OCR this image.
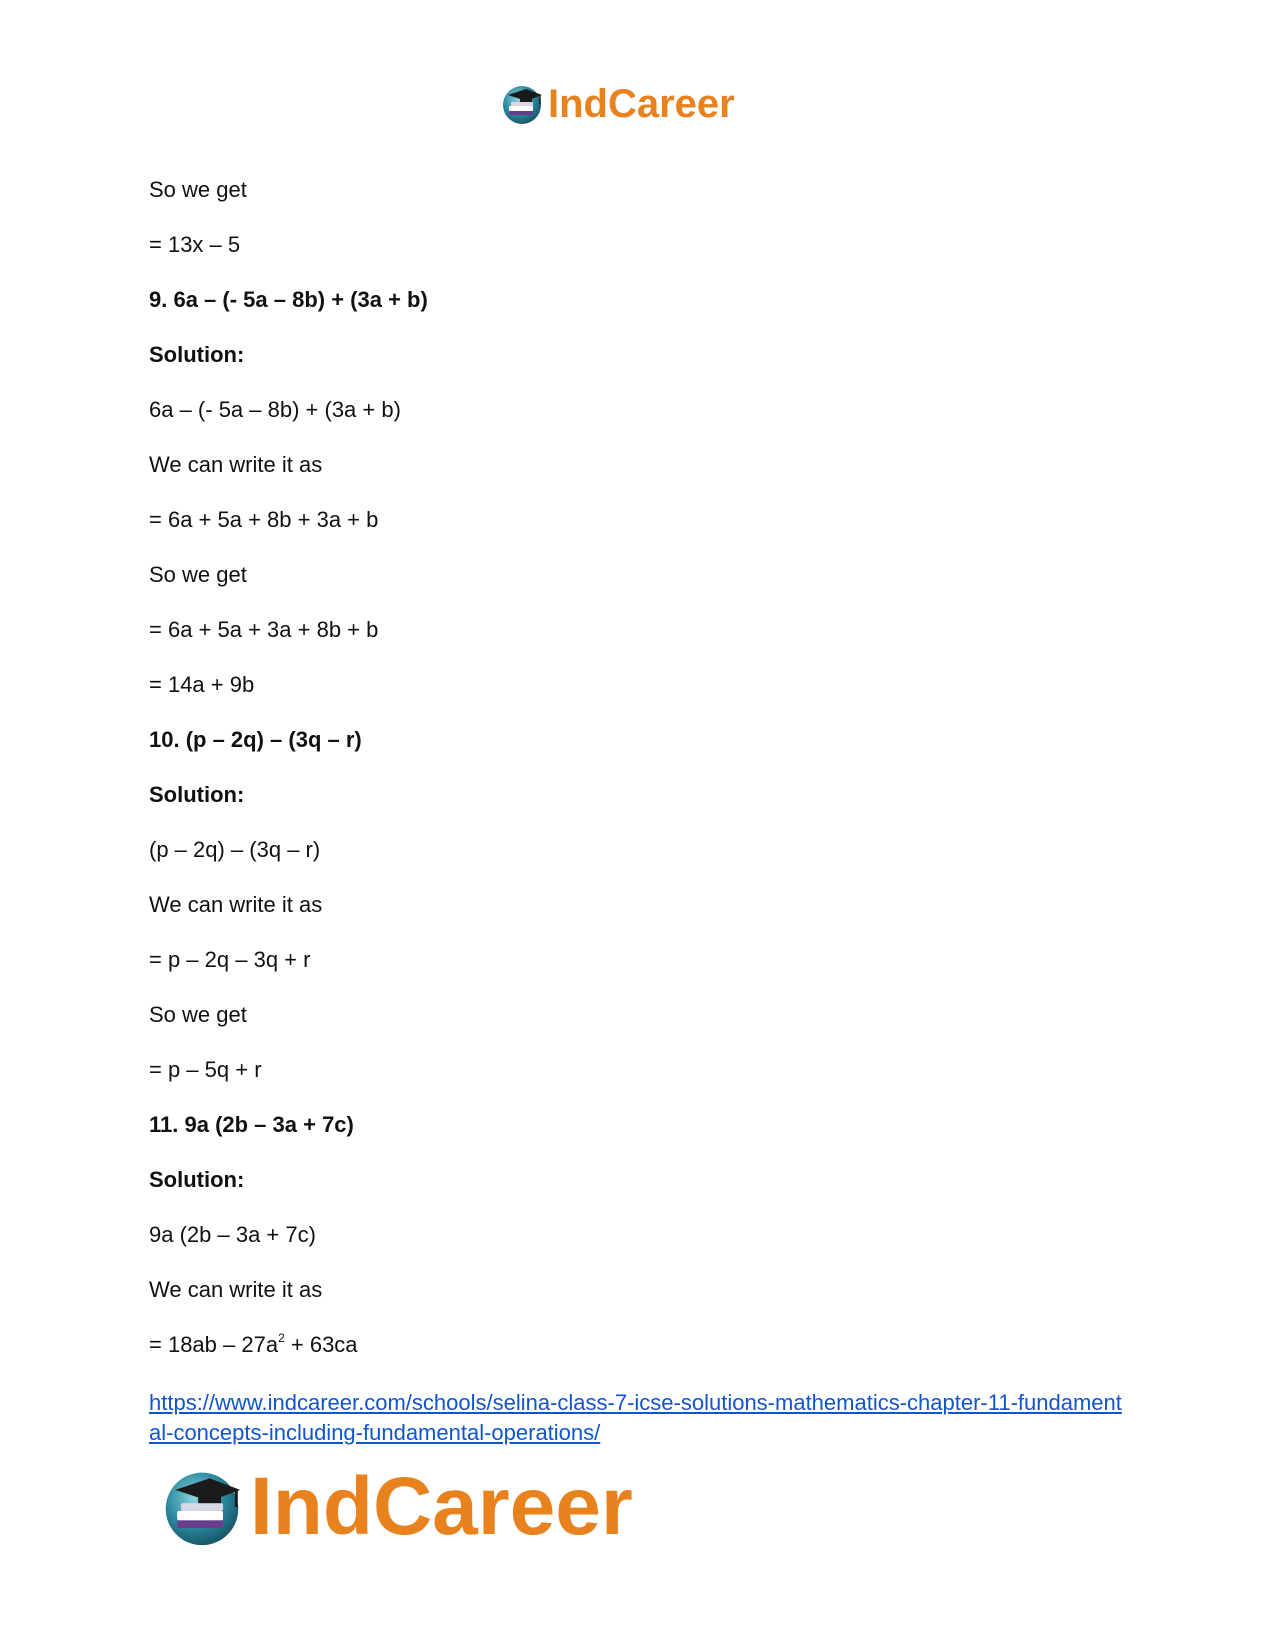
IndCareer
So we get
= 13x – 5
9. 6a – (- 5a – 8b) + (3a + b)
Solution:
6a – (- 5a – 8b) + (3a + b)
We can write it as
= 6a + 5a + 8b + 3a + b
So we get
= 6a + 5a + 3a + 8b + b
= 14a + 9b
10. (p – 2q) – (3q – r)
Solution:
(p – 2q) – (3q – r)
We can write it as
= p – 2q – 3q + r
So we get
= p – 5q + r
11. 9a (2b – 3a + 7c)
Solution:
9a (2b – 3a + 7c)
We can write it as
= $18ab - 27a^2 + 63ca$
https://www.indcareer.com/schools/selina-class-7-icse-solutions-mathematics-chapter-11-fundamental-concepts-including-fundamental-operations/
IndCareer
